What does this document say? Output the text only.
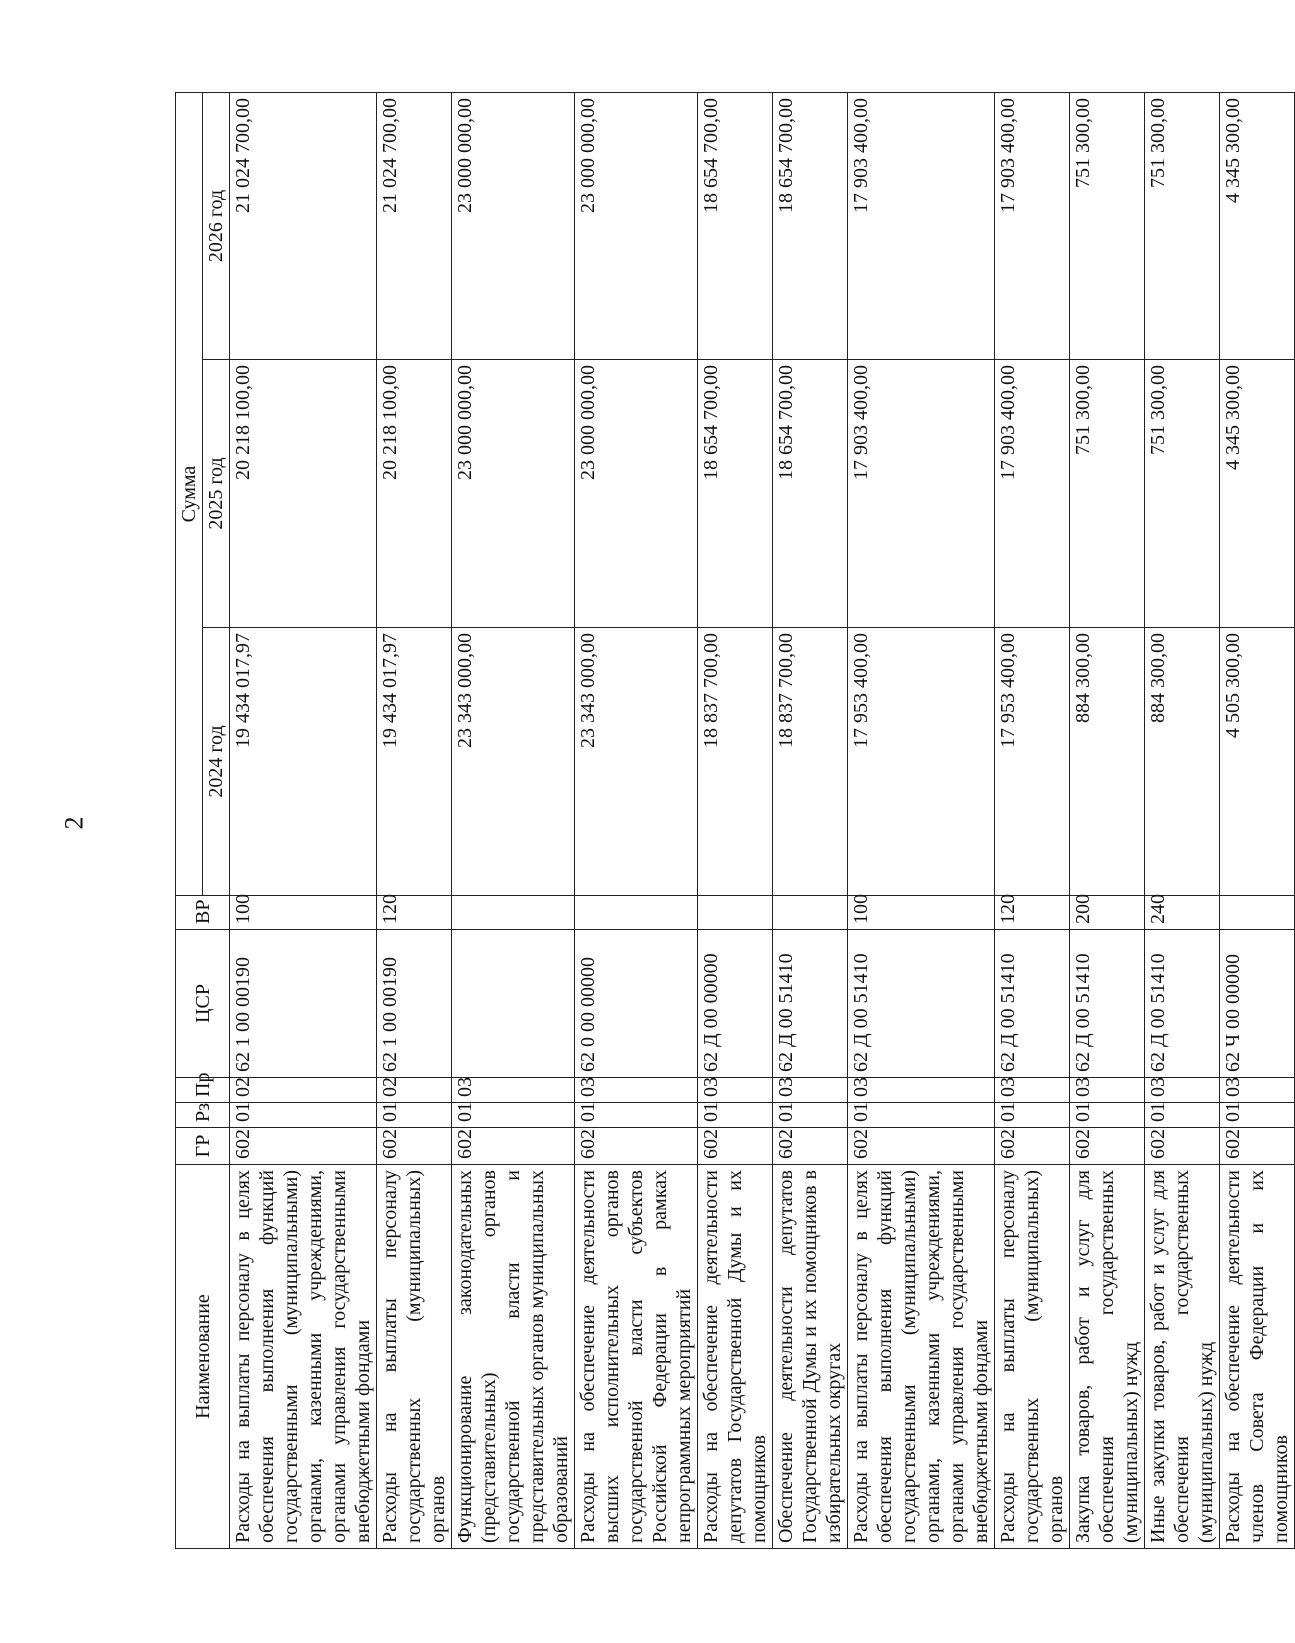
2
Наименование	ГР	Рз	Пр	ЦСР	ВР	Сумма		
						2024 год	2025 год	2026 год
Расходы на выплаты персоналу в целях обеспечения выполнения функций государственными (муниципальными) органами, казенными учреждениями, органами управления государственными внебюджетными фондами	602	01	02	62 1 00 00190	100	19 434 017,97	20 218 100,00	21 024 700,00
Расходы на выплаты персоналу государственных (муниципальных) органов	602	01	02	62 1 00 00190	120	19 434 017,97	20 218 100,00	21 024 700,00
Функционирование законодательных (представительных) органов государственной власти и представительных органов муниципальных образований	602	01	03			23 343 000,00	23 000 000,00	23 000 000,00
Расходы на обеспечение деятельности высших исполнительных органов государственной власти субъектов Российской Федерации в рамках непрограммных мероприятий	602	01	03	62 0 00 00000		23 343 000,00	23 000 000,00	23 000 000,00
Расходы на обеспечение деятельности депутатов Государственной Думы и их помощников	602	01	03	62 Д 00 00000		18 837 700,00	18 654 700,00	18 654 700,00
Обеспечение деятельности депутатов Государственной Думы и их помощников в избирательных округах	602	01	03	62 Д 00 51410		18 837 700,00	18 654 700,00	18 654 700,00
Расходы на выплаты персоналу в целях обеспечения выполнения функций государственными (муниципальными) органами, казенными учреждениями, органами управления государственными внебюджетными фондами	602	01	03	62 Д 00 51410	100	17 953 400,00	17 903 400,00	17 903 400,00
Расходы на выплаты персоналу государственных (муниципальных) органов	602	01	03	62 Д 00 51410	120	17 953 400,00	17 903 400,00	17 903 400,00
Закупка товаров, работ и услуг для обеспечения государственных (муниципальных) нужд	602	01	03	62 Д 00 51410	200	884 300,00	751 300,00	751 300,00
Иные закупки товаров, работ и услуг для обеспечения государственных (муниципальных) нужд	602	01	03	62 Д 00 51410	240	884 300,00	751 300,00	751 300,00
Расходы на обеспечение деятельности членов Совета Федерации и их помощников	602	01	03	62 Ч 00 00000		4 505 300,00	4 345 300,00	4 345 300,00
